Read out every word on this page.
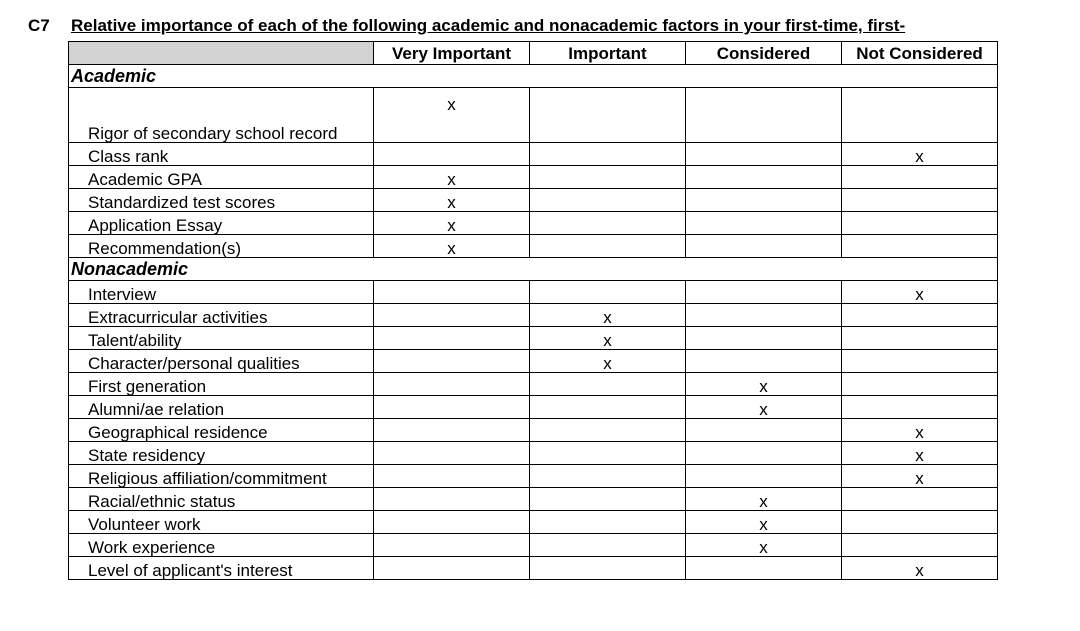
C7 Relative importance of each of the following academic and nonacademic factors in your first-time, first-
	Very Important	Important	Considered	Not Considered
Academic				
Rigor of secondary school record	x			
Class rank				x
Academic GPA	x			
Standardized test scores	x			
Application Essay	x			
Recommendation(s)	x			
Nonacademic				
Interview				x
Extracurricular activities		x		
Talent/ability		x		
Character/personal qualities		x		
First generation			x	
Alumni/ae relation			x	
Geographical residence				x
State residency				x
Religious affiliation/commitment				x
Racial/ethnic status			x	
Volunteer work			x	
Work experience			x	
Level of applicant's interest				x
